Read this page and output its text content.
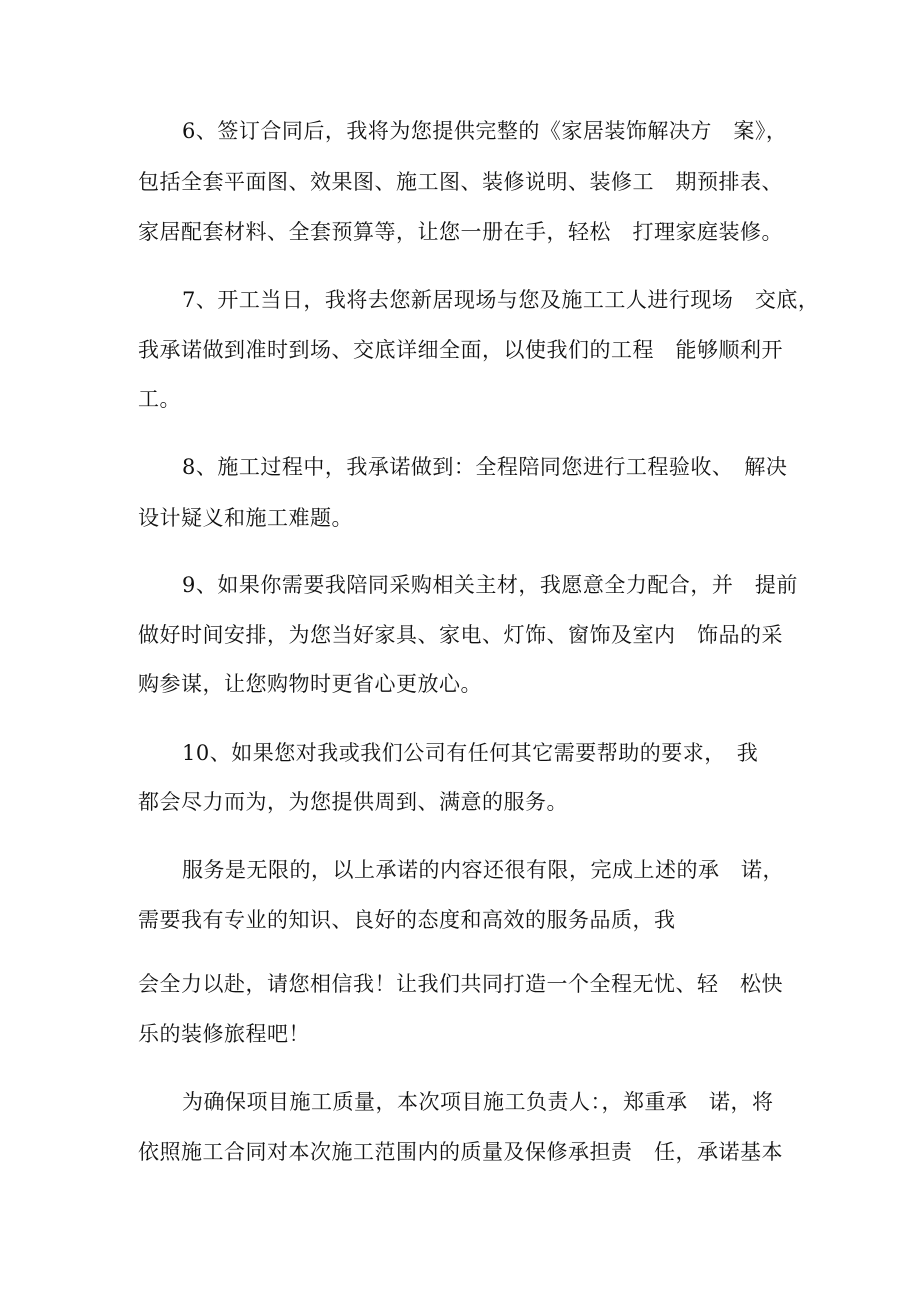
6、签订合同后，我将为您提供完整的《家居装饰解决方　案》，
包括全套平面图、效果图、施工图、装修说明、装修工　期预排表、
家居配套材料、全套预算等，让您一册在手，轻松　打理家庭装修。
7、开工当日，我将去您新居现场与您及施工工人进行现场　交底，
我承诺做到准时到场、交底详细全面，以使我们的工程　能够顺利开
工。
8、施工过程中，我承诺做到：全程陪同您进行工程验收、　解决
设计疑义和施工难题。
9、如果你需要我陪同采购相关主材，我愿意全力配合，并　提前
做好时间安排，为您当好家具、家电、灯饰、窗饰及室内　饰品的采
购参谋，让您购物时更省心更放心。
10、如果您对我或我们公司有任何其它需要帮助的要求，　我
都会尽力而为，为您提供周到、满意的服务。
服务是无限的，以上承诺的内容还很有限，完成上述的承　诺，
需要我有专业的知识、良好的态度和高效的服务品质，我
会全力以赴，请您相信我！让我们共同打造一个全程无忧、轻　松快
乐的装修旅程吧！
为确保项目施工质量，本次项目施工负责人：，郑重承　诺，将
依照施工合同对本次施工范围内的质量及保修承担责　任，承诺基本
